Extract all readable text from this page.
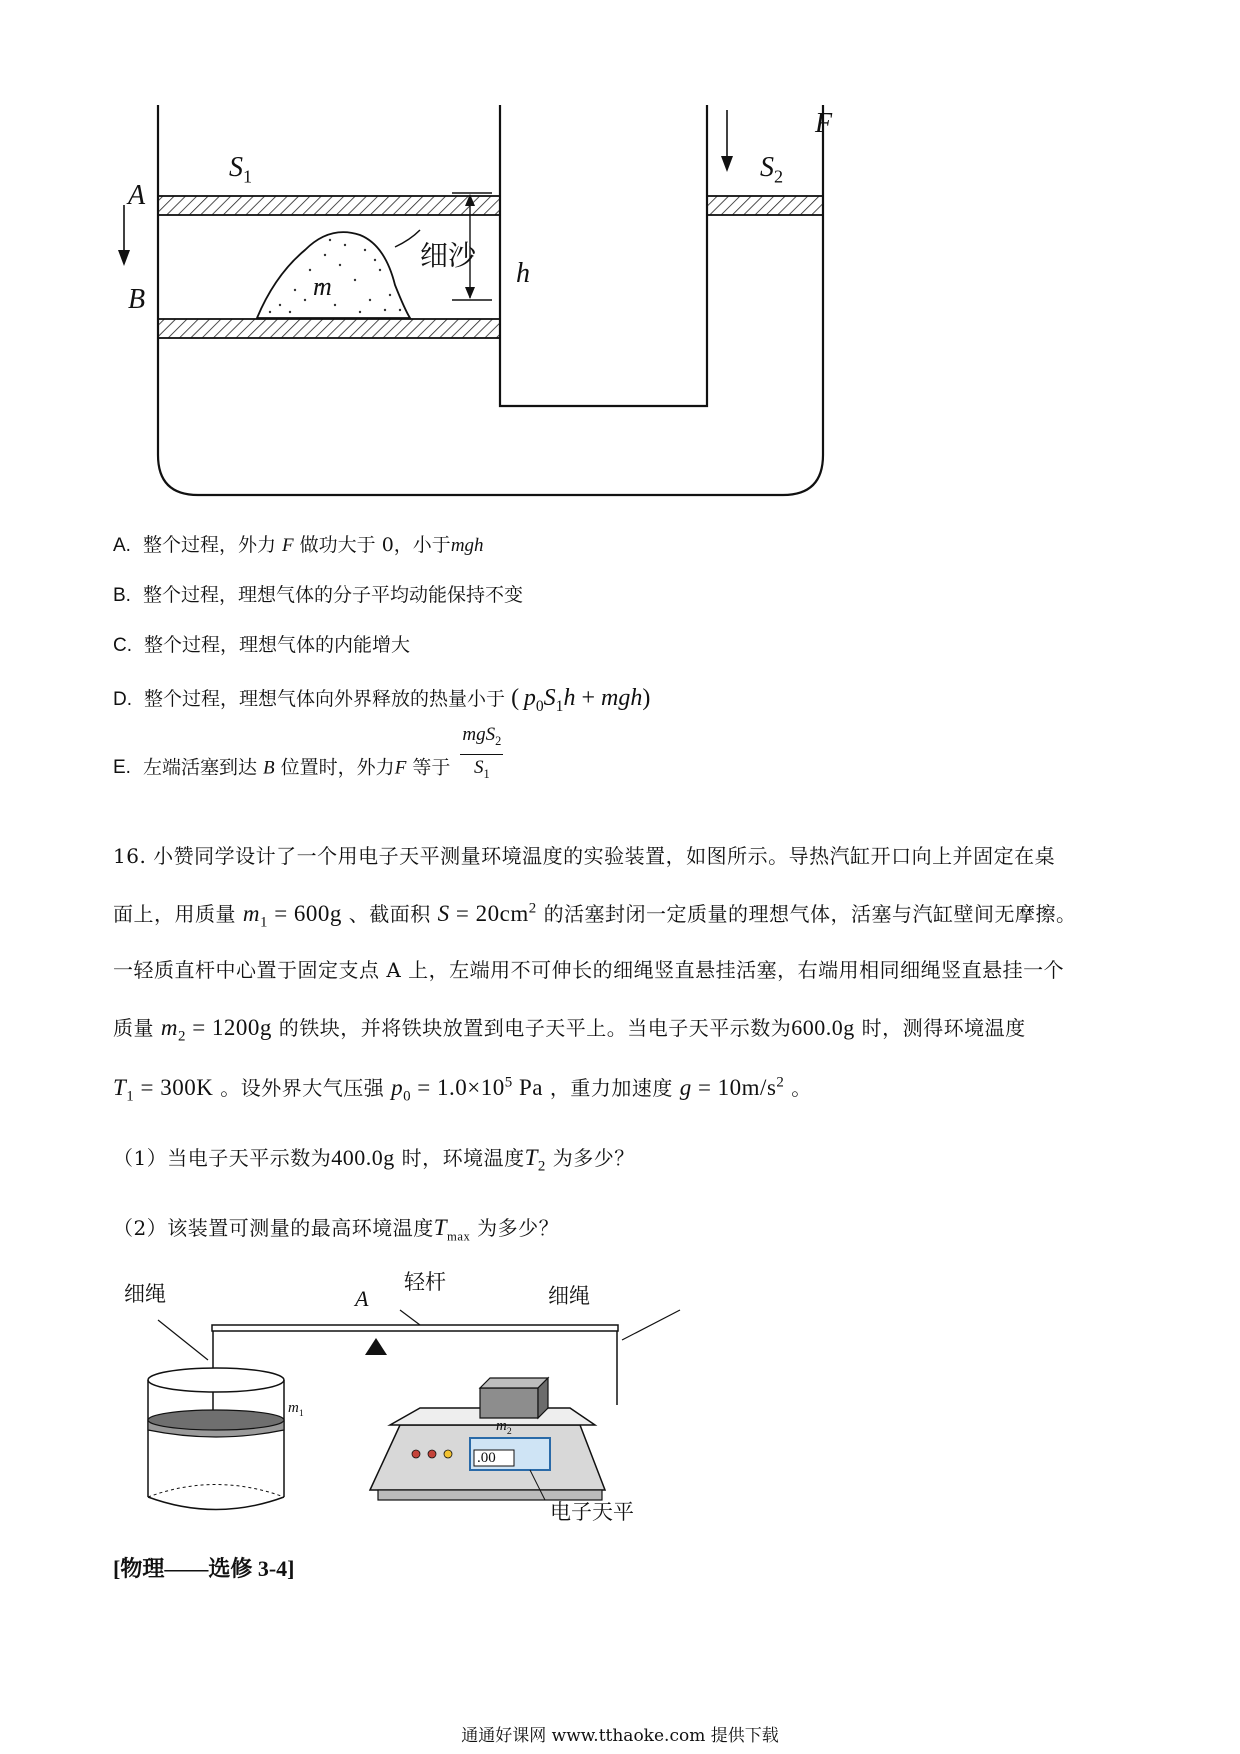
A
B
$S_1$	$S_2$
F
h
m
细沙
A. 整个过程，外力 F 做功大于 0，小于mgh
B. 整个过程，理想气体的分子平均动能保持不变
C. 整个过程，理想气体的内能增大
D. 整个过程，理想气体向外界释放的热量小于 ( $p_0S_1h + mgh$)
E. 左端活塞到达 B 位置时，外力F 等于 $\frac{mgS_2}{S_1}$
16. 小赞同学设计了一个用电子天平测量环境温度的实验装置，如图所示。导热汽缸开口向上并固定在桌
面上，用质量 $m_1 = 600g$ 、截面积 $S = 20cm^2$ 的活塞封闭一定质量的理想气体，活塞与汽缸壁间无摩擦。
一轻质直杆中心置于固定支点 A 上，左端用不可伸长的细绳竖直悬挂活塞，右端用相同细绳竖直悬挂一个
质量 $m_2 = 1200g$ 的铁块，并将铁块放置到电子天平上。当电子天平示数为600.0g 时，测得环境温度
$T_1 = 300K$ 。设外界大气压强 $p_0 = 1.0\times 10^5$ Pa ，重力加速度 $g = 10m/s^2$ 。
（1）当电子天平示数为400.0g 时，环境温度$T_2$ 为多少？
（2）该装置可测量的最高环境温度$T_{max}$ 为多少？
细绳	轻杆
A	细绳
$m_1$
$m_2$
.00
电子天平
[物理——选修 3-4]
通通好课网 www.tthaoke.com 提供下载
